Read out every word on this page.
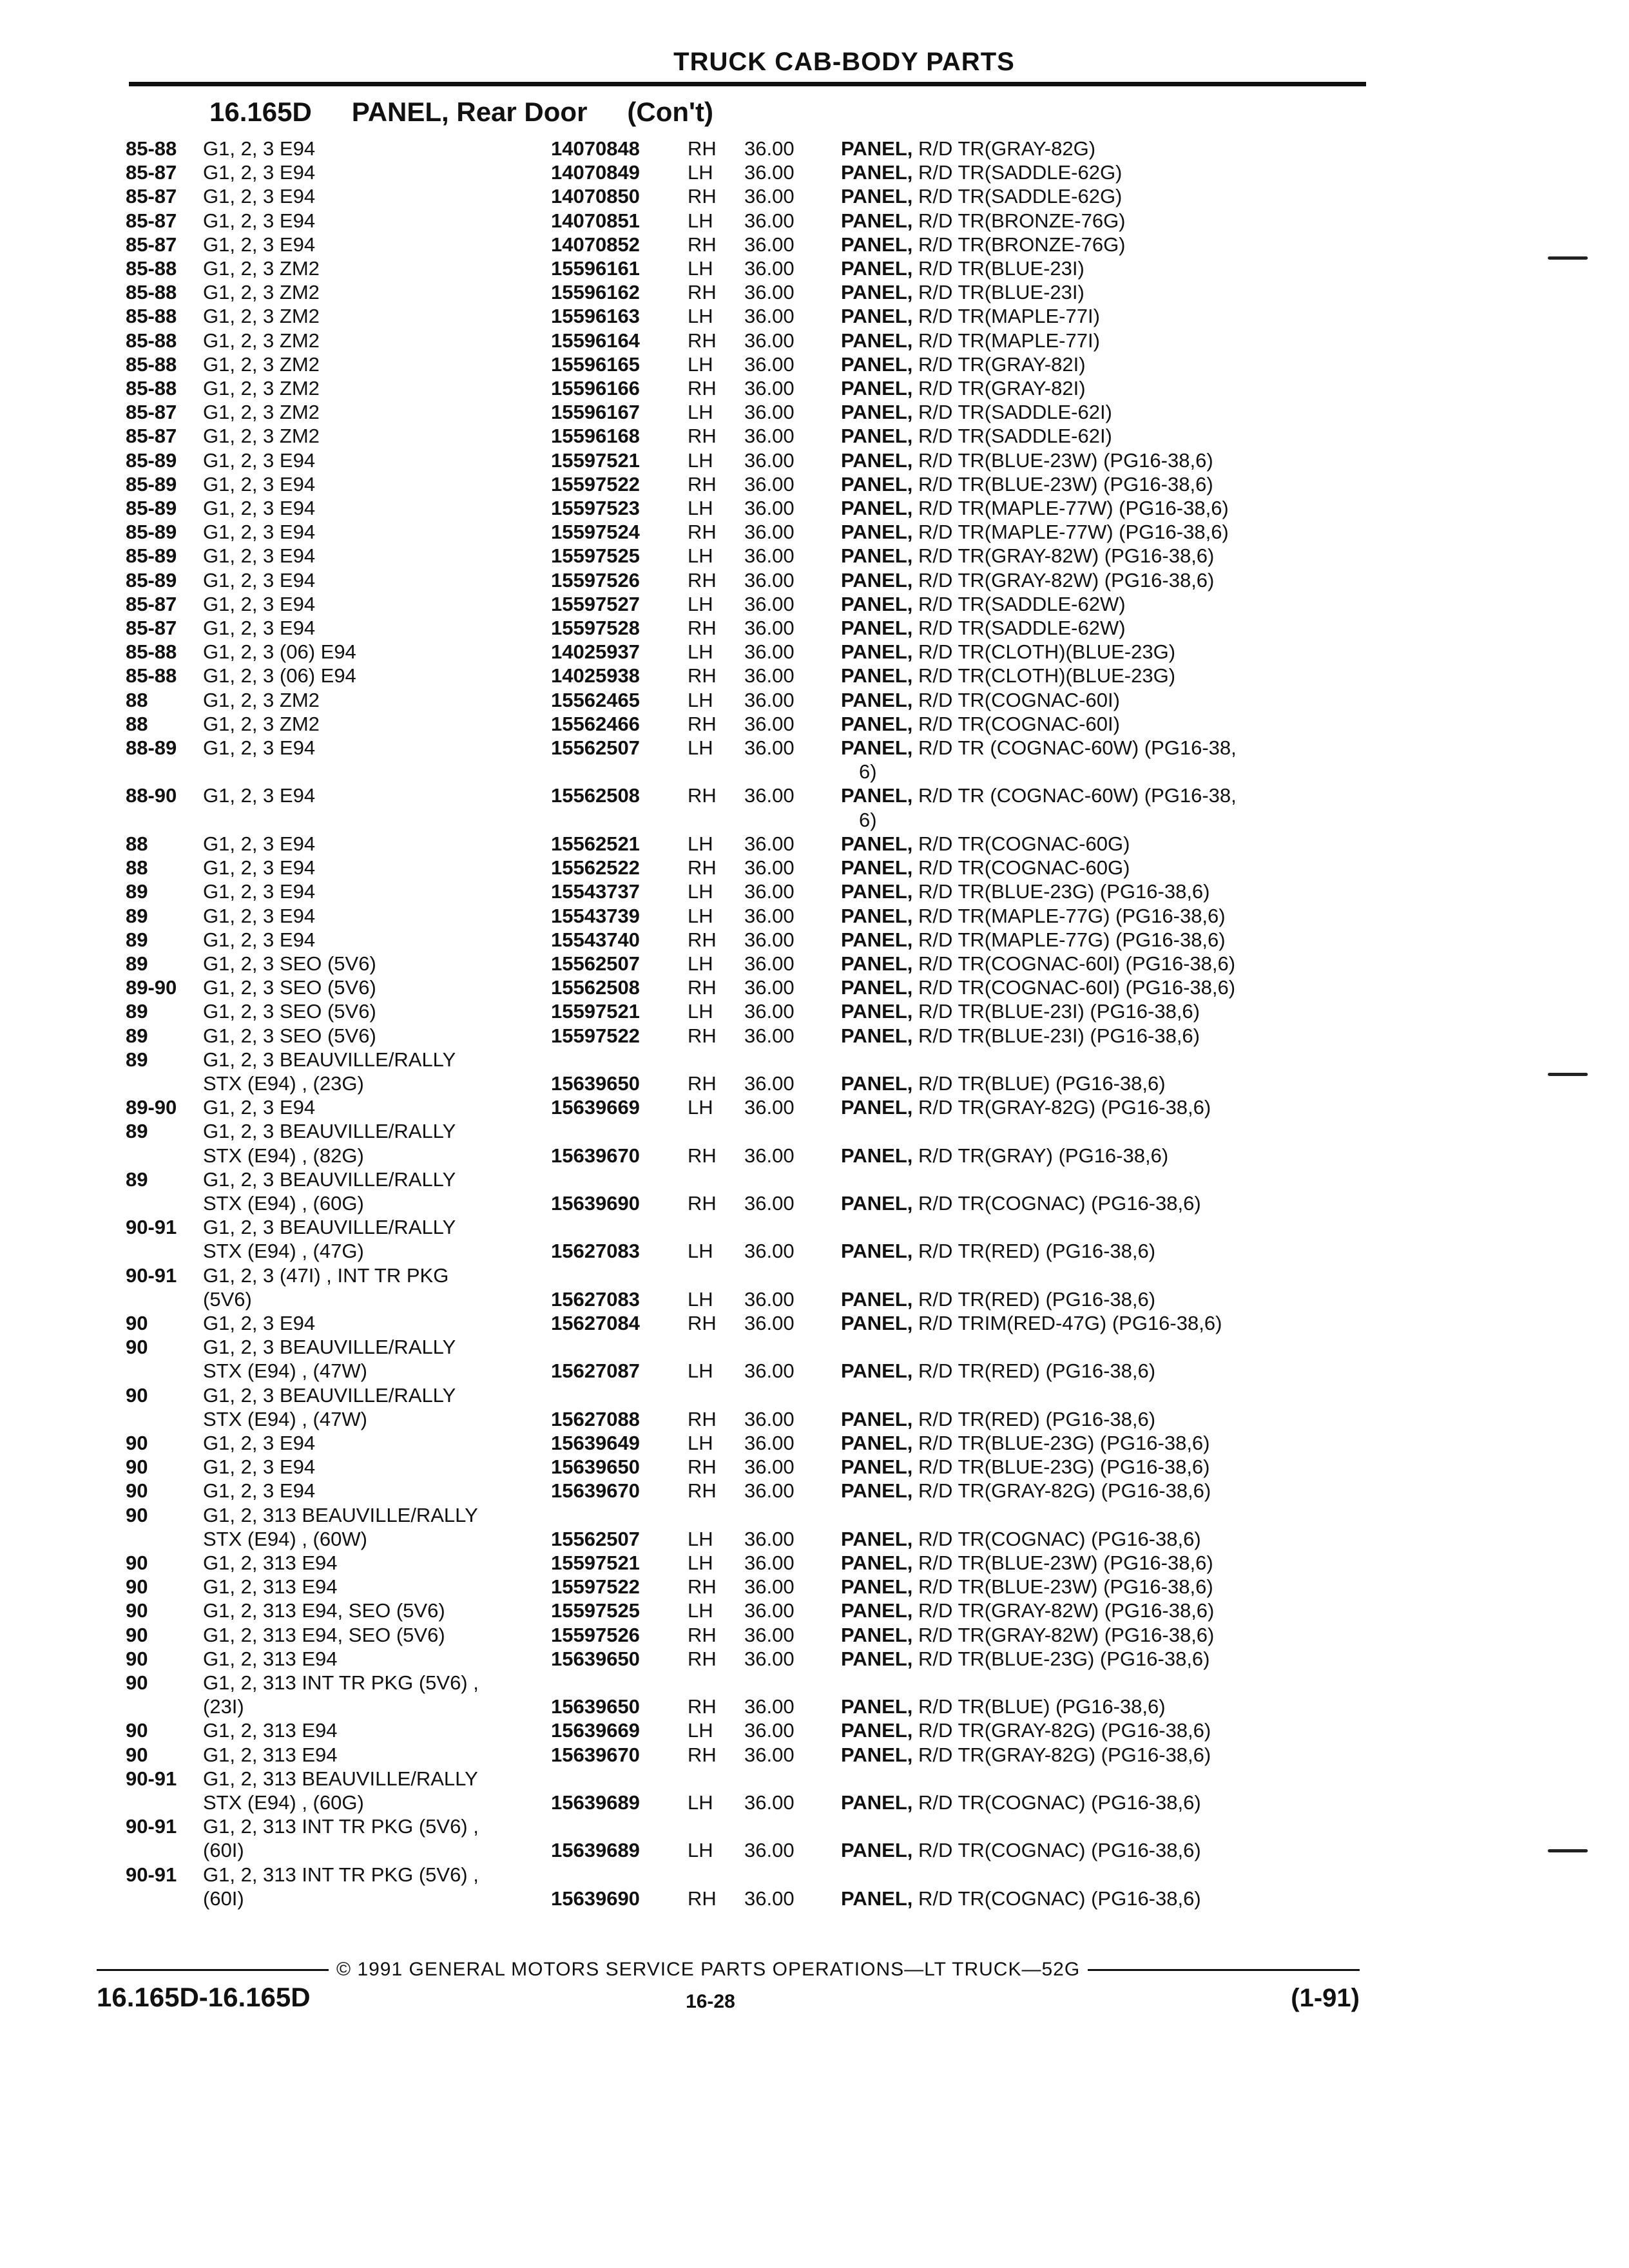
TRUCK CAB-BODY PARTS
16.165D PANEL, Rear Door (Con't)
85-88	G1, 2, 3 E94	14070848	RH	36.00	PANEL, R/D TR(GRAY-82G)
85-87	G1, 2, 3 E94	14070849	LH	36.00	PANEL, R/D TR(SADDLE-62G)
85-87	G1, 2, 3 E94	14070850	RH	36.00	PANEL, R/D TR(SADDLE-62G)
85-87	G1, 2, 3 E94	14070851	LH	36.00	PANEL, R/D TR(BRONZE-76G)
85-87	G1, 2, 3 E94	14070852	RH	36.00	PANEL, R/D TR(BRONZE-76G)
85-88	G1, 2, 3 ZM2	15596161	LH	36.00	PANEL, R/D TR(BLUE-23I)
85-88	G1, 2, 3 ZM2	15596162	RH	36.00	PANEL, R/D TR(BLUE-23I)
85-88	G1, 2, 3 ZM2	15596163	LH	36.00	PANEL, R/D TR(MAPLE-77I)
85-88	G1, 2, 3 ZM2	15596164	RH	36.00	PANEL, R/D TR(MAPLE-77I)
85-88	G1, 2, 3 ZM2	15596165	LH	36.00	PANEL, R/D TR(GRAY-82I)
85-88	G1, 2, 3 ZM2	15596166	RH	36.00	PANEL, R/D TR(GRAY-82I)
85-87	G1, 2, 3 ZM2	15596167	LH	36.00	PANEL, R/D TR(SADDLE-62I)
85-87	G1, 2, 3 ZM2	15596168	RH	36.00	PANEL, R/D TR(SADDLE-62I)
85-89	G1, 2, 3 E94	15597521	LH	36.00	PANEL, R/D TR(BLUE-23W) (PG16-38,6)
85-89	G1, 2, 3 E94	15597522	RH	36.00	PANEL, R/D TR(BLUE-23W) (PG16-38,6)
85-89	G1, 2, 3 E94	15597523	LH	36.00	PANEL, R/D TR(MAPLE-77W) (PG16-38,6)
85-89	G1, 2, 3 E94	15597524	RH	36.00	PANEL, R/D TR(MAPLE-77W) (PG16-38,6)
85-89	G1, 2, 3 E94	15597525	LH	36.00	PANEL, R/D TR(GRAY-82W) (PG16-38,6)
85-89	G1, 2, 3 E94	15597526	RH	36.00	PANEL, R/D TR(GRAY-82W) (PG16-38,6)
85-87	G1, 2, 3 E94	15597527	LH	36.00	PANEL, R/D TR(SADDLE-62W)
85-87	G1, 2, 3 E94	15597528	RH	36.00	PANEL, R/D TR(SADDLE-62W)
85-88	G1, 2, 3 (06) E94	14025937	LH	36.00	PANEL, R/D TR(CLOTH)(BLUE-23G)
85-88	G1, 2, 3 (06) E94	14025938	RH	36.00	PANEL, R/D TR(CLOTH)(BLUE-23G)
88	G1, 2, 3 ZM2	15562465	LH	36.00	PANEL, R/D TR(COGNAC-60I)
88	G1, 2, 3 ZM2	15562466	RH	36.00	PANEL, R/D TR(COGNAC-60I)
88-89	G1, 2, 3 E94	15562507	LH	36.00	PANEL, R/D TR (COGNAC-60W) (PG16-38,
6)
88-90	G1, 2, 3 E94	15562508	RH	36.00	PANEL, R/D TR (COGNAC-60W) (PG16-38,
6)
88	G1, 2, 3 E94	15562521	LH	36.00	PANEL, R/D TR(COGNAC-60G)
88	G1, 2, 3 E94	15562522	RH	36.00	PANEL, R/D TR(COGNAC-60G)
89	G1, 2, 3 E94	15543737	LH	36.00	PANEL, R/D TR(BLUE-23G) (PG16-38,6)
89	G1, 2, 3 E94	15543739	LH	36.00	PANEL, R/D TR(MAPLE-77G) (PG16-38,6)
89	G1, 2, 3 E94	15543740	RH	36.00	PANEL, R/D TR(MAPLE-77G) (PG16-38,6)
89	G1, 2, 3 SEO (5V6)	15562507	LH	36.00	PANEL, R/D TR(COGNAC-60I) (PG16-38,6)
89-90	G1, 2, 3 SEO (5V6)	15562508	RH	36.00	PANEL, R/D TR(COGNAC-60I) (PG16-38,6)
89	G1, 2, 3 SEO (5V6)	15597521	LH	36.00	PANEL, R/D TR(BLUE-23I) (PG16-38,6)
89	G1, 2, 3 SEO (5V6)	15597522	RH	36.00	PANEL, R/D TR(BLUE-23I) (PG16-38,6)
89	G1, 2, 3 BEAUVILLE/RALLY
STX (E94) , (23G)	15639650	RH	36.00	PANEL, R/D TR(BLUE) (PG16-38,6)
89-90	G1, 2, 3 E94	15639669	LH	36.00	PANEL, R/D TR(GRAY-82G) (PG16-38,6)
89	G1, 2, 3 BEAUVILLE/RALLY
STX (E94) , (82G)	15639670	RH	36.00	PANEL, R/D TR(GRAY) (PG16-38,6)
89	G1, 2, 3 BEAUVILLE/RALLY
STX (E94) , (60G)	15639690	RH	36.00	PANEL, R/D TR(COGNAC) (PG16-38,6)
90-91	G1, 2, 3 BEAUVILLE/RALLY
STX (E94) , (47G)	15627083	LH	36.00	PANEL, R/D TR(RED) (PG16-38,6)
90-91	G1, 2, 3 (47I) , INT TR PKG
(5V6)	15627083	LH	36.00	PANEL, R/D TR(RED) (PG16-38,6)
90	G1, 2, 3 E94	15627084	RH	36.00	PANEL, R/D TRIM(RED-47G) (PG16-38,6)
90	G1, 2, 3 BEAUVILLE/RALLY
STX (E94) , (47W)	15627087	LH	36.00	PANEL, R/D TR(RED) (PG16-38,6)
90	G1, 2, 3 BEAUVILLE/RALLY
STX (E94) , (47W)	15627088	RH	36.00	PANEL, R/D TR(RED) (PG16-38,6)
90	G1, 2, 3 E94	15639649	LH	36.00	PANEL, R/D TR(BLUE-23G) (PG16-38,6)
90	G1, 2, 3 E94	15639650	RH	36.00	PANEL, R/D TR(BLUE-23G) (PG16-38,6)
90	G1, 2, 3 E94	15639670	RH	36.00	PANEL, R/D TR(GRAY-82G) (PG16-38,6)
90	G1, 2, 313 BEAUVILLE/RALLY
STX (E94) , (60W)	15562507	LH	36.00	PANEL, R/D TR(COGNAC) (PG16-38,6)
90	G1, 2, 313 E94	15597521	LH	36.00	PANEL, R/D TR(BLUE-23W) (PG16-38,6)
90	G1, 2, 313 E94	15597522	RH	36.00	PANEL, R/D TR(BLUE-23W) (PG16-38,6)
90	G1, 2, 313 E94, SEO (5V6)	15597525	LH	36.00	PANEL, R/D TR(GRAY-82W) (PG16-38,6)
90	G1, 2, 313 E94, SEO (5V6)	15597526	RH	36.00	PANEL, R/D TR(GRAY-82W) (PG16-38,6)
90	G1, 2, 313 E94	15639650	RH	36.00	PANEL, R/D TR(BLUE-23G) (PG16-38,6)
90	G1, 2, 313 INT TR PKG (5V6) ,
(23I)	15639650	RH	36.00	PANEL, R/D TR(BLUE) (PG16-38,6)
90	G1, 2, 313 E94	15639669	LH	36.00	PANEL, R/D TR(GRAY-82G) (PG16-38,6)
90	G1, 2, 313 E94	15639670	RH	36.00	PANEL, R/D TR(GRAY-82G) (PG16-38,6)
90-91	G1, 2, 313 BEAUVILLE/RALLY
STX (E94) , (60G)	15639689	LH	36.00	PANEL, R/D TR(COGNAC) (PG16-38,6)
90-91	G1, 2, 313 INT TR PKG (5V6) ,
(60I)	15639689	LH	36.00	PANEL, R/D TR(COGNAC) (PG16-38,6)
90-91	G1, 2, 313 INT TR PKG (5V6) ,
(60I)	15639690	RH	36.00	PANEL, R/D TR(COGNAC) (PG16-38,6)
© 1991 GENERAL MOTORS SERVICE PARTS OPERATIONS—LT TRUCK—52G
16.165D-16.165D	16-28	(1-91)
